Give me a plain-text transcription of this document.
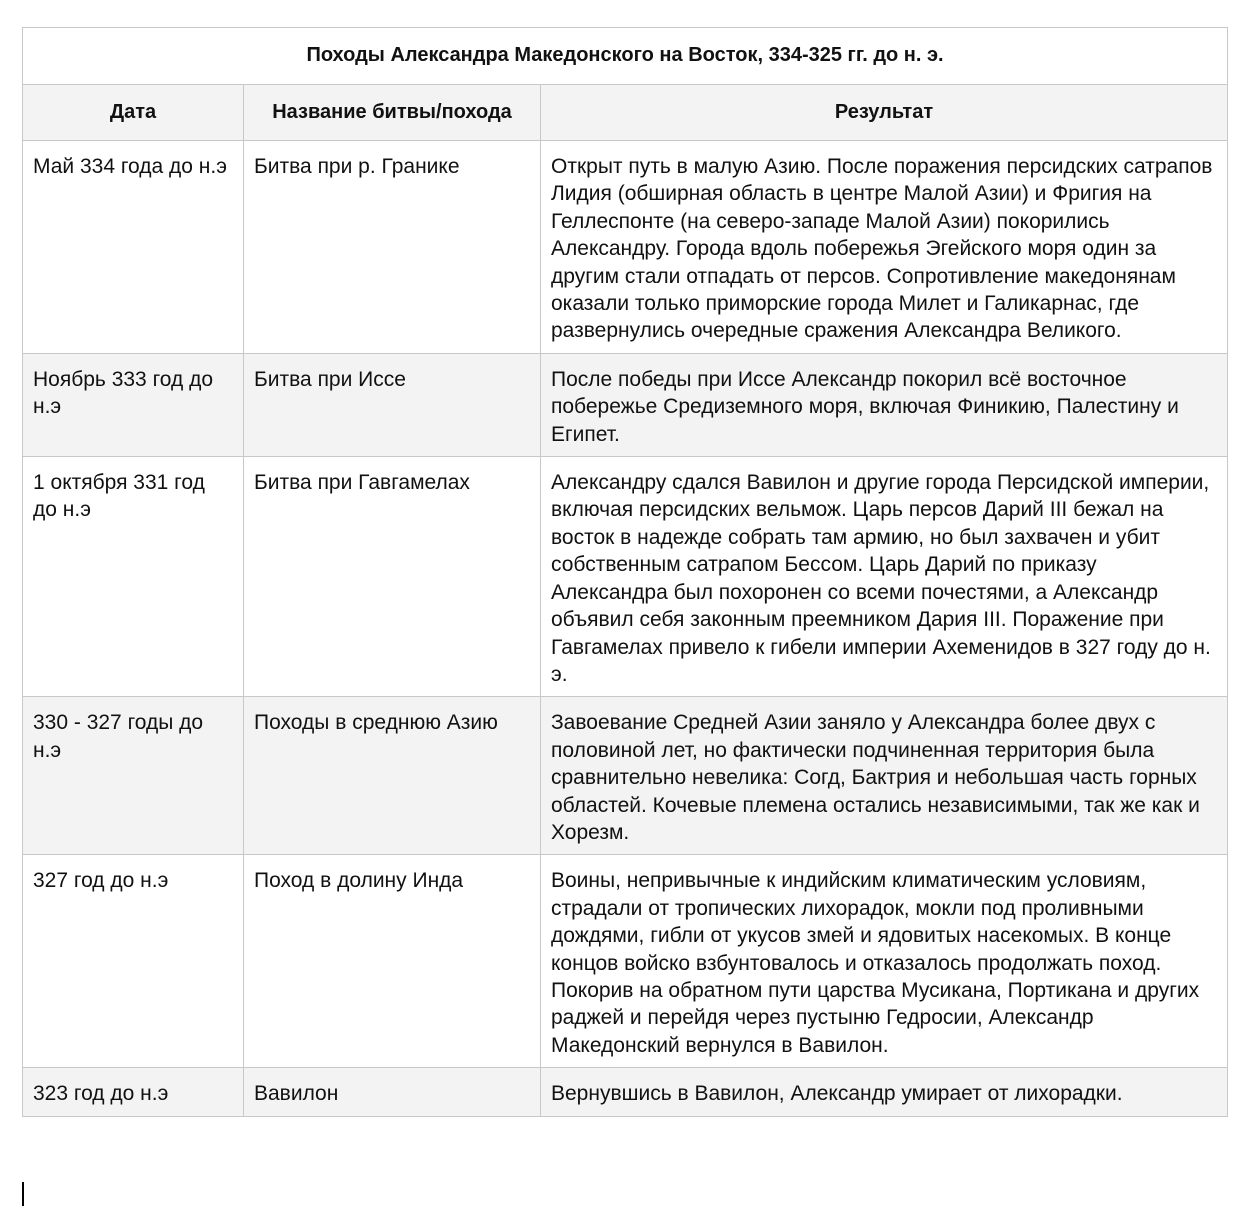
Походы Александра Македонского на Восток, 334-325 гг. до н. э.		
Дата	Название битвы/похода	Результат
Май 334 года до н.э	Битва при р. Гранике	Открыт путь в малую Азию. После поражения персидских сатрапов Лидия (обширная область в центре Малой Азии) и Фригия на Геллеспонте (на северо-западе Малой Азии) покорились Александру. Города вдоль побережья Эгейского моря один за другим стали отпадать от персов. Сопротивление македонянам оказали только приморские города Милет и Галикарнас, где развернулись очередные сражения Александра Великого.
Ноябрь 333 год до н.э	Битва при Иссе	После победы при Иссе Александр покорил всё восточное побережье Средиземного моря, включая Финикию, Палестину и Египет.
1 октября 331 год до н.э	Битва при Гавгамелах	Александру сдался Вавилон и другие города Персидской империи, включая персидских вельмож. Царь персов Дарий III бежал на восток в надежде собрать там армию, но был захвачен и убит собственным сатрапом Бессом. Царь Дарий по приказу Александра был похоронен со всеми почестями, а Александр объявил себя законным преемником Дария III. Поражение при Гавгамелах привело к гибели империи Ахеменидов в 327 году до н. э.
330 - 327 годы до н.э	Походы в среднюю Азию	Завоевание Средней Азии заняло у Александра более двух с половиной лет, но фактически подчиненная территория была сравнительно невелика: Согд, Бактрия и небольшая часть горных областей. Кочевые племена остались независимыми, так же как и Хорезм.
327 год до н.э	Поход в долину Инда	Воины, непривычные к индийским климатическим условиям, страдали от тропических лихорадок, мокли под проливными дождями, гибли от укусов змей и ядовитых насекомых. В конце концов войско взбунтовалось и отказалось продолжать поход. Покорив на обратном пути царства Мусикана, Портикана и других раджей и перейдя через пустыню Гедросии, Александр Македонский вернулся в Вавилон.
323 год до н.э	Вавилон	Вернувшись в Вавилон, Александр умирает от лихорадки.
